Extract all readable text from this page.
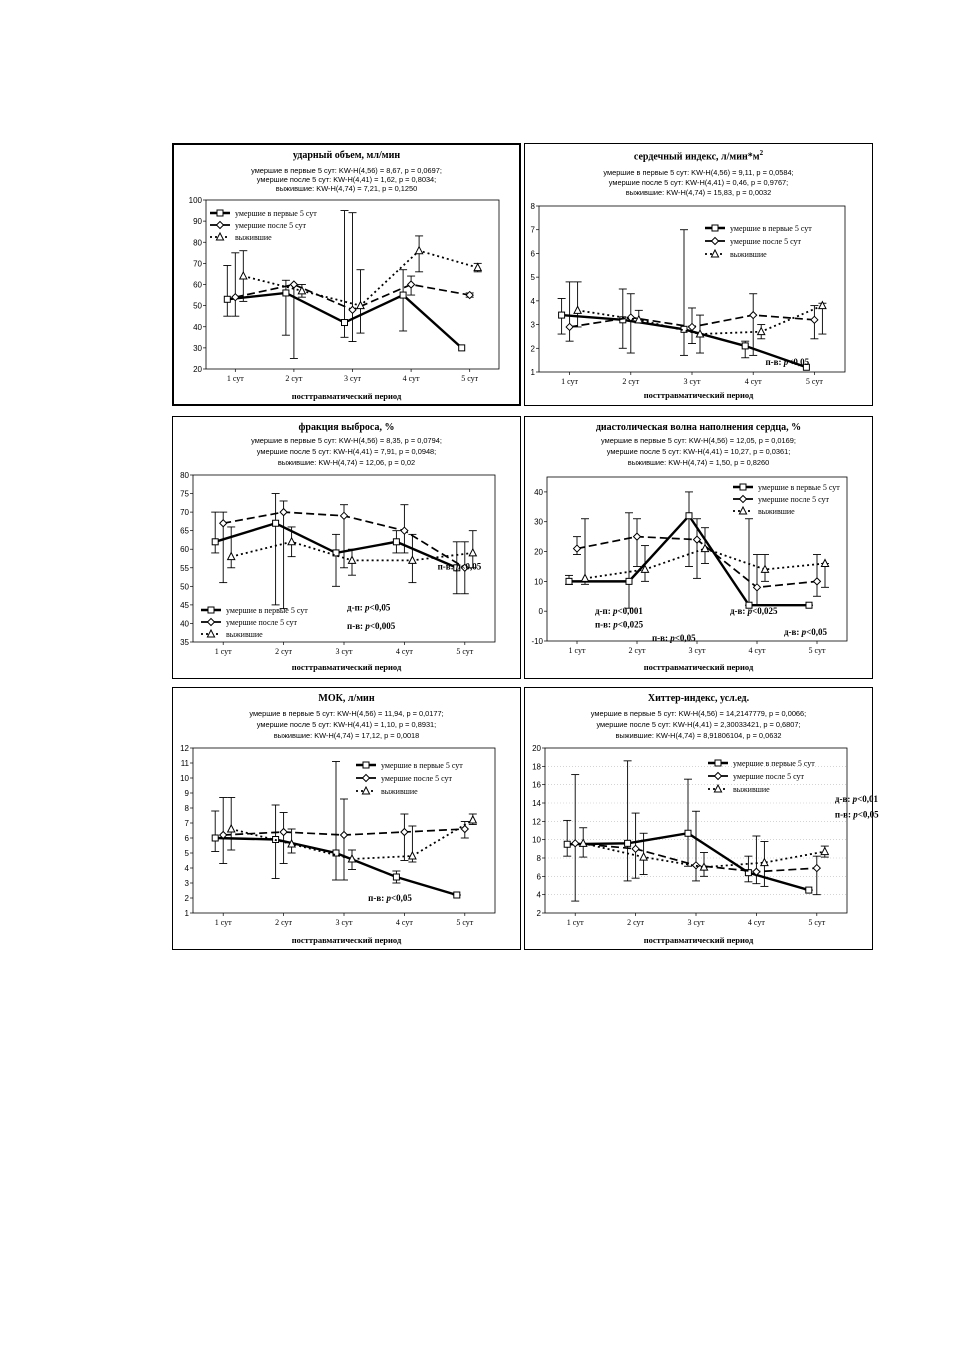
ударный объем, мл/мин
умершие в первые 5 сут: KW-H(4,56) = 8,67, p = 0,0697;
умершие после 5 сут: KW-H(4,41) = 1,62, p = 0,8034;
выжившие: KW-H(4,74) = 7,21, p = 0,1250
20
30
40
50
60
70
80
90
100
1 сут	2 сут	3 сут	4 сут	5 сут
умершие в первые 5 сут
умершие после 5 сут
выжившие
посттравматический период
сердечный индекс, $л/мин*м^2$
умершие в первые 5 сут: KW-H(4,56) = 9,11, p = 0,0584;
умершие после 5 сут: KW-H(4,41) = 0,46, p = 0,9767;
выжившие: KW-H(4,74) = 15,83, p = 0,0032
1
2
3
4
5
6
7
8
1 сут	2 сут	3 сут	4 сут	5 сут
умершие в первые 5 сут
умершие после 5 сут
выжившие
п-в: p<0,05
посттравматический период
фракция выброса, %
умершие в первые 5 сут: KW-H(4,56) = 8,35, p = 0,0794;
умершие после 5 сут: KW-H(4,41) = 7,91, p = 0,0948;
выжившие: KW-H(4,74) = 12,06, p = 0,02
35
40
45
50
55
60
65
70
75
80
1 сут	2 сут	3 сут	4 сут	5 сут
умершие в первые 5 сут
умершие после 5 сут
выжившие
п-в: p<0,05
д-п: p<0,05
п-в: p<0,005
посттравматический период
диастолическая волна наполнения сердца, %
умершие в первые 5 сут: KW-H(4,56) = 12,05, p = 0,0169;
умершие после 5 сут: KW-H(4,41) = 10,27, p = 0,0361;
выжившие: KW-H(4,74) = 1,50, p = 0,8260
-10
0
10
20
30
40
1 сут	2 сут	3 сут	4 сут	5 сут
умершие в первые 5 сут
умершие после 5 сут
выжившие
д-п: p<0,001
п-в: p<0,025
д-в: p<0,025
п-в: p<0,05
д-в: p<0,05
посттравматический период
МОК, л/мин
умершие в первые 5 сут: KW-H(4,56) = 11,94, p = 0,0177;
умершие после 5 сут: KW-H(4,41) = 1,10, p = 0,8931;
выжившие: KW-H(4,74) = 17,12, p = 0,0018
1
2
3
4
5
6
7
8
9
10
11
12
1 сут	2 сут	3 сут	4 сут	5 сут
умершие в первые 5 сут
умершие после 5 сут
выжившие
п-в: p<0,05
посттравматический период
Хиттер-индекс, усл.ед.
умершие в первые 5 сут: KW-H(4,56) = 14,2147779, p = 0,0066;
умершие после 5 сут: KW-H(4,41) = 2,30033421, p = 0,6807;
выжившие: KW-H(4,74) = 8,91806104, p = 0,0632
2
4
6
8
10
12
14
16
18
20
1 сут	2 сут	3 сут	4 сут	5 сут
умершие в первые 5 сут
умершие после 5 сут
выжившие
д-в: p<0,01
п-в: p<0,05
посттравматический период
